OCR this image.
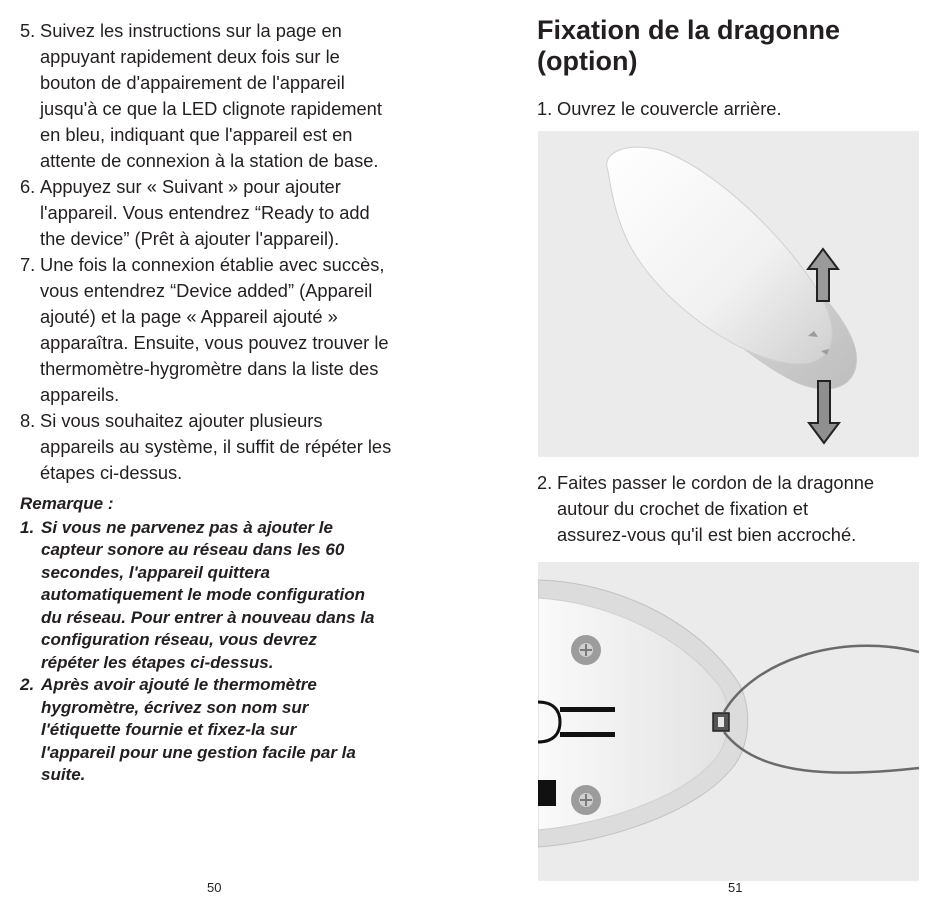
5. Suivez les instructions sur la page en
appuyant rapidement deux fois sur le
bouton de d'appairement de l'appareil
jusqu'à ce que la LED clignote rapidement
en bleu, indiquant que l'appareil est en
attente de connexion à la station de base.
6. Appuyez sur « Suivant » pour ajouter
l'appareil. Vous entendrez “Ready to add
the device” (Prêt à ajouter l'appareil).
7. Une fois la connexion établie avec succès,
vous entendrez “Device added” (Appareil
ajouté) et la page « Appareil ajouté »
apparaîtra. Ensuite, vous pouvez trouver le
thermomètre-hygromètre dans la liste des
appareils.
8. Si vous souhaitez ajouter plusieurs
appareils au système, il suffit de répéter les
étapes ci-dessus.
Remarque :
1. Si vous ne parvenez pas à ajouter le
capteur sonore au réseau dans les 60
secondes, l'appareil quittera
automatiquement le mode configuration
du réseau. Pour entrer à nouveau dans la
configuration réseau, vous devrez
répéter les étapes ci-dessus.
2. Après avoir ajouté le thermomètre
hygromètre, écrivez son nom sur
l'étiquette fournie et fixez-la sur
l'appareil pour une gestion facile par la
suite.
50
Fixation de la dragonne
(option)
1. Ouvrez le couvercle arrière.
2. Faites passer le cordon de la dragonne
autour du crochet de fixation et
assurez-vous qu'il est bien accroché.
51
